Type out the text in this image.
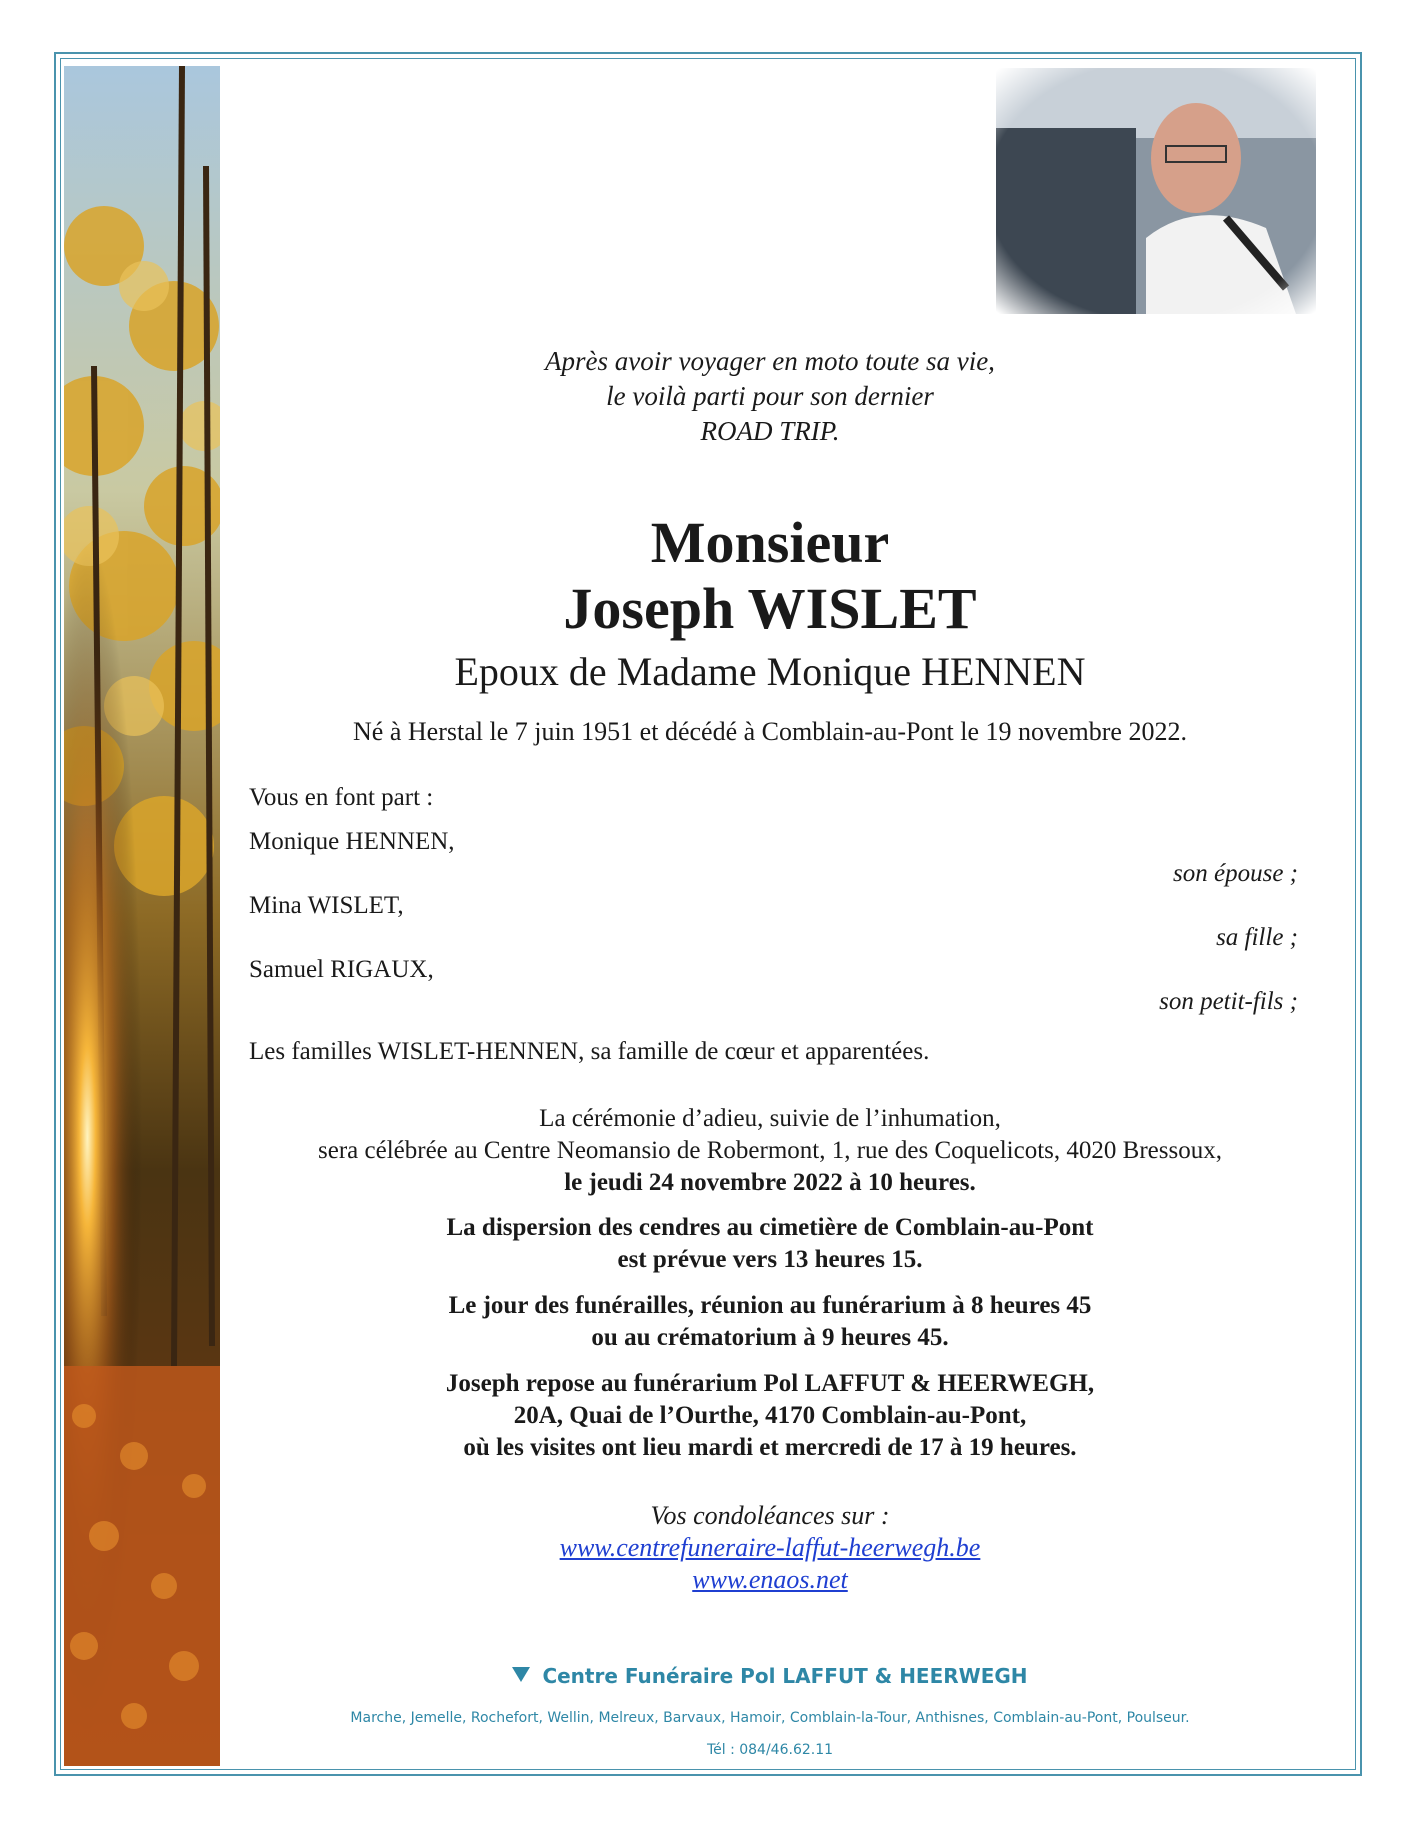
Après avoir voyager en moto toute sa vie,
le voilà parti pour son dernier
ROAD TRIP.
Monsieur
Joseph WISLET
Epoux de Madame Monique HENNEN
Né à Herstal le 7 juin 1951 et décédé à Comblain-au-Pont le 19 novembre 2022.
Vous en font part :
Monique HENNEN,
son épouse ;
Mina WISLET,
sa fille ;
Samuel RIGAUX,
son petit-fils ;
Les familles WISLET-HENNEN, sa famille de cœur et apparentées.
La cérémonie d’adieu, suivie de l’inhumation,
sera célébrée au Centre Neomansio de Robermont, 1, rue des Coquelicots, 4020 Bressoux,
le jeudi 24 novembre 2022 à 10 heures.
La dispersion des cendres au cimetière de Comblain-au-Pont
est prévue vers 13 heures 15.
Le jour des funérailles, réunion au funérarium à 8 heures 45
ou au crématorium à 9 heures 45.
Joseph repose au funérarium Pol LAFFUT & HEERWEGH,
20A, Quai de l’Ourthe, 4170 Comblain-au-Pont,
où les visites ont lieu mardi et mercredi de 17 à 19 heures.
Vos condoléances sur :
www.centrefuneraire-laffut-heerwegh.be
www.enaos.net
Centre Funéraire Pol LAFFUT & HEERWEGH
Marche, Jemelle, Rochefort, Wellin, Melreux, Barvaux, Hamoir, Comblain-la-Tour, Anthisnes, Comblain-au-Pont, Poulseur.
Tél : 084/46.62.11
